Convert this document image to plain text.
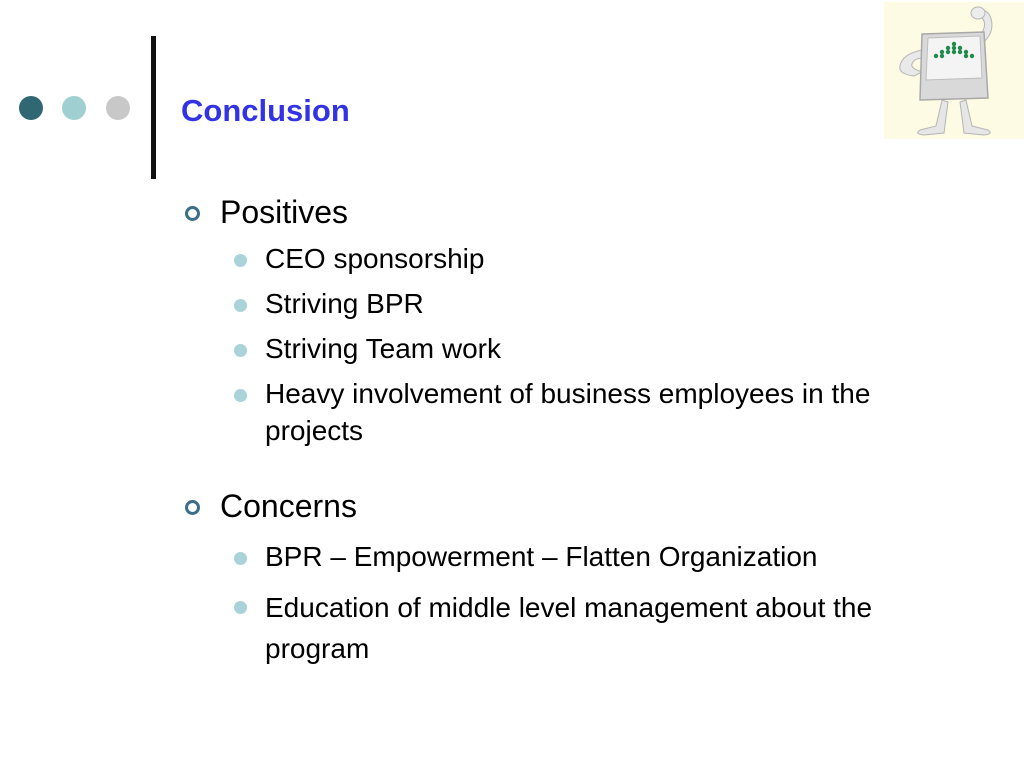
Conclusion
Positives
CEO sponsorship
Striving BPR
Striving Team work
Heavy involvement of business employees in the projects
Concerns
BPR – Empowerment – Flatten Organization
Education of middle level management about the program
